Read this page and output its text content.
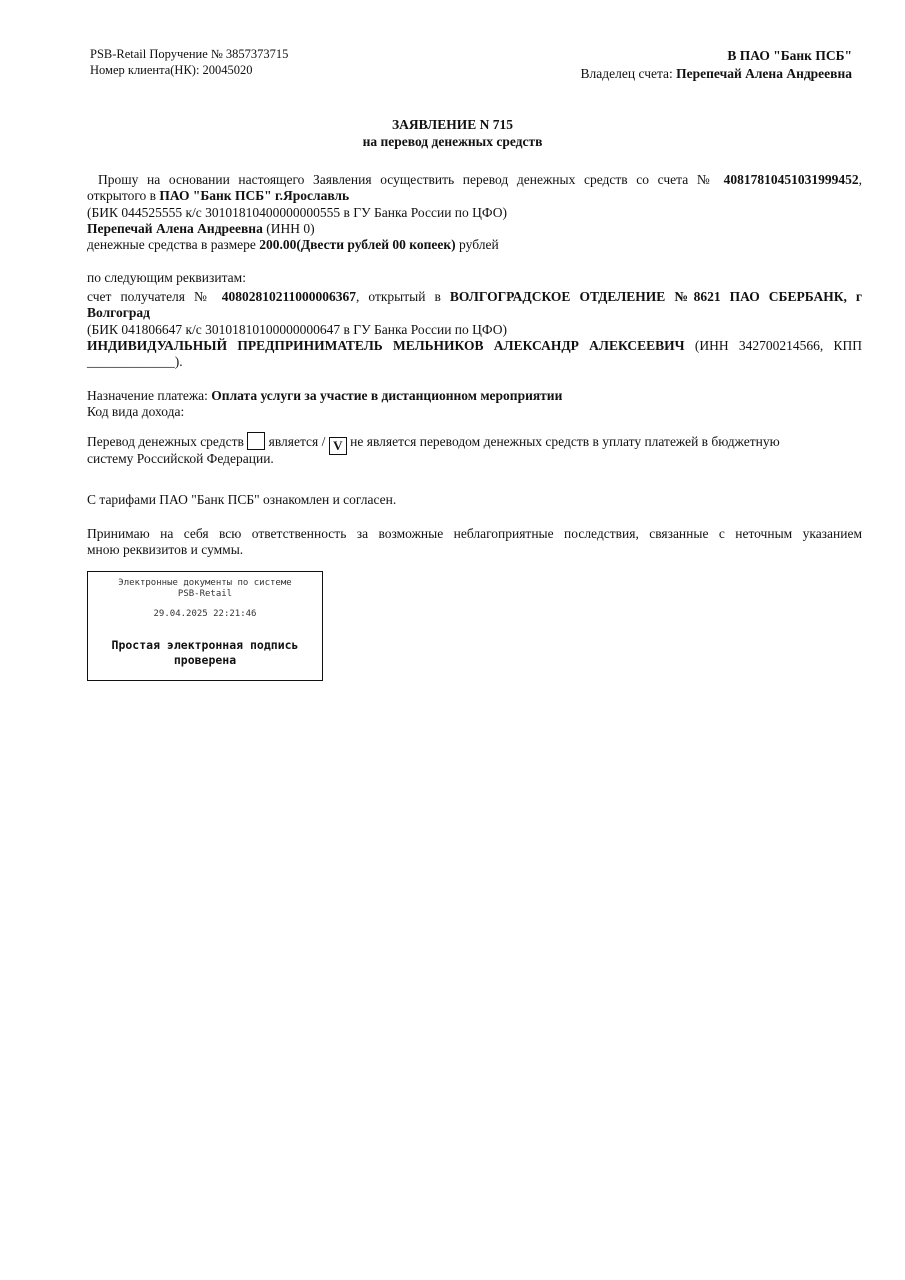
PSB-Retail Поручение № 3857373715
Номер клиента(НК): 20045020
В ПАО "Банк ПСБ"
Владелец счета: Перепечай Алена Андреевна
ЗАЯВЛЕНИЕ N 715
на перевод денежных средств
Прошу на основании настоящего Заявления осуществить перевод денежных средств со счета № 40817810451031999452,
открытого в ПАО "Банк ПСБ" г.Ярославль
(БИК 044525555 к/с 30101810400000000555 в ГУ Банка России по ЦФО)
Перепечай Алена Андреевна (ИНН 0)
денежные средства в размере 200.00(Двести рублей 00 копеек) рублей
по следующим реквизитам:
счет получателя № 40802810211000006367, открытый в ВОЛГОГРАДСКОЕ ОТДЕЛЕНИЕ №8621 ПАО СБЕРБАНК, г
Волгоград
(БИК 041806647 к/с 30101810100000000647 в ГУ Банка России по ЦФО)
ИНДИВИДУАЛЬНЫЙ ПРЕДПРИНИМАТЕЛЬ МЕЛЬНИКОВ АЛЕКСАНДР АЛЕКСЕЕВИЧ (ИНН 342700214566, КПП
_____________).
Назначение платежа: Оплата услуги за участие в дистанционном мероприятии
Код вида дохода:
Перевод денежных средств  является / V не является переводом денежных средств в уплату платежей в бюджетную
систему Российской Федерации.
С тарифами ПАО "Банк ПСБ" ознакомлен и согласен.
Принимаю на себя всю ответственность за возможные неблагоприятные последствия, связанные с неточным указанием
мною реквизитов и суммы.
Электронные документы по системе
PSB-Retail
29.04.2025 22:21:46
Простая электронная подпись
проверена
